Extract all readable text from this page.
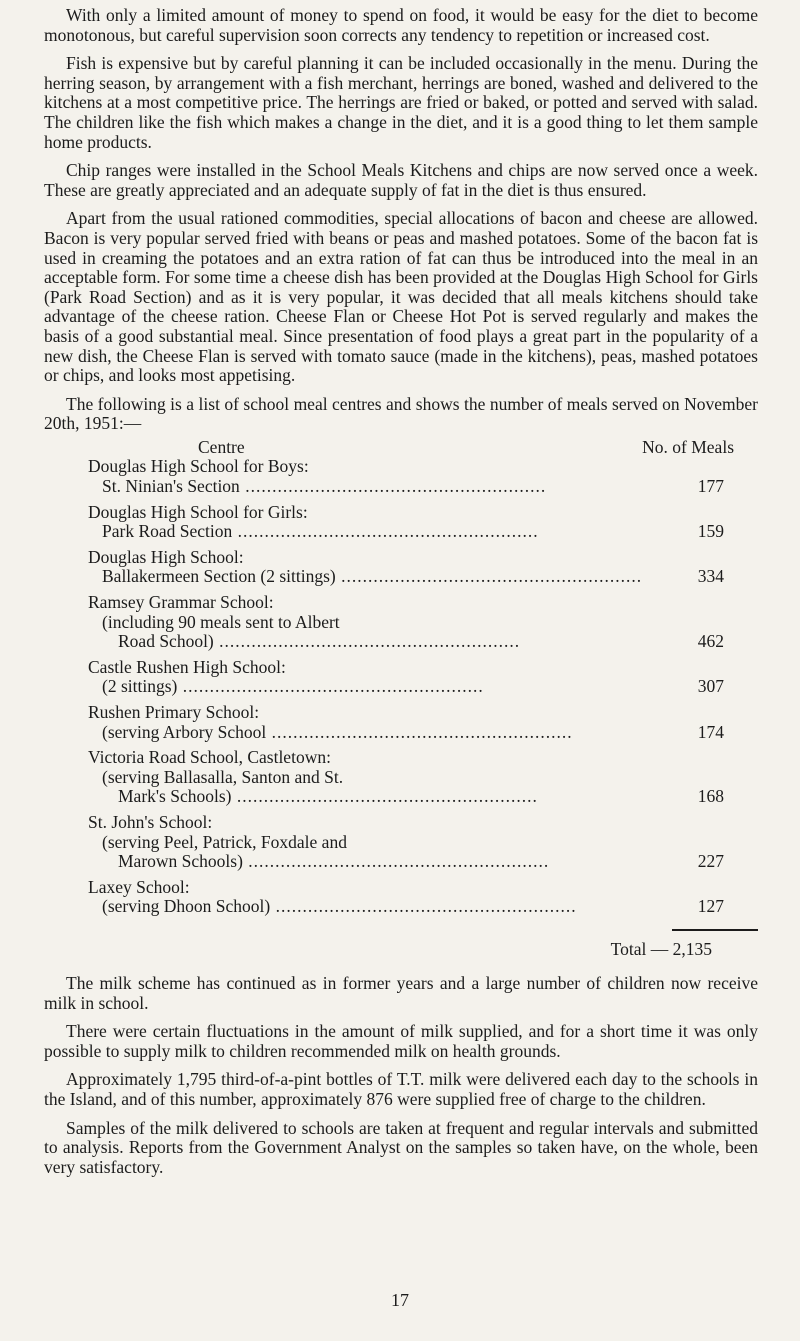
With only a limited amount of money to spend on food, it would be easy for the diet to become monotonous, but careful supervision soon corrects any tendency to repetition or increased cost.

Fish is expensive but by careful planning it can be included occasionally in the menu. During the herring season, by arrangement with a fish merchant, herrings are boned, washed and delivered to the kitchens at a most competitive price. The herrings are fried or baked, or potted and served with salad. The children like the fish which makes a change in the diet, and it is a good thing to let them sample home products.

Chip ranges were installed in the School Meals Kitchens and chips are now served once a week. These are greatly appreciated and an adequate supply of fat in the diet is thus ensured.

Apart from the usual rationed commodities, special allocations of bacon and cheese are allowed. Bacon is very popular served fried with beans or peas and mashed potatoes. Some of the bacon fat is used in creaming the potatoes and an extra ration of fat can thus be introduced into the meal in an acceptable form. For some time a cheese dish has been provided at the Douglas High School for Girls (Park Road Section) and as it is very popular, it was decided that all meals kitchens should take advantage of the cheese ration. Cheese Flan or Cheese Hot Pot is served regularly and makes the basis of a good substantial meal. Since presentation of food plays a great part in the popularity of a new dish, the Cheese Flan is served with tomato sauce (made in the kitchens), peas, mashed potatoes or chips, and looks most appetising.

The following is a list of school meal centres and shows the number of meals served on November 20th, 1951:—

Centre	No. of Meals
Douglas High School for Boys:	

St. Ninian's Section .....	177

Douglas High School for Girls:	

Park Road Section .....	159

Douglas High School:	

Ballakermeen Section (2 sittings) .....	334

Ramsey Grammar School:	

(including 90 meals sent to Albert	

Road School) .....	462

Castle Rushen High School:	

(2 sittings) .....	307

Rushen Primary School:	

(serving Arbory School .....	174

Victoria Road School, Castletown:	

(serving Ballasalla, Santon and St.	

Mark's Schools) .....	168

St. John's School:	

(serving Peel, Patrick, Foxdale and	

Marown Schools) .....	227

Laxey School:	

(serving Dhoon School) .....	127

Total — 2,135

The milk scheme has continued as in former years and a large number of children now receive milk in school.

There were certain fluctuations in the amount of milk supplied, and for a short time it was only possible to supply milk to children recommended milk on health grounds.

Approximately 1,795 third-of-a-pint bottles of T.T. milk were delivered each day to the schools in the Island, and of this number, approximately 876 were supplied free of charge to the children.

Samples of the milk delivered to schools are taken at frequent and regular intervals and submitted to analysis. Reports from the Government Analyst on the samples so taken have, on the whole, been very satisfactory.

17
